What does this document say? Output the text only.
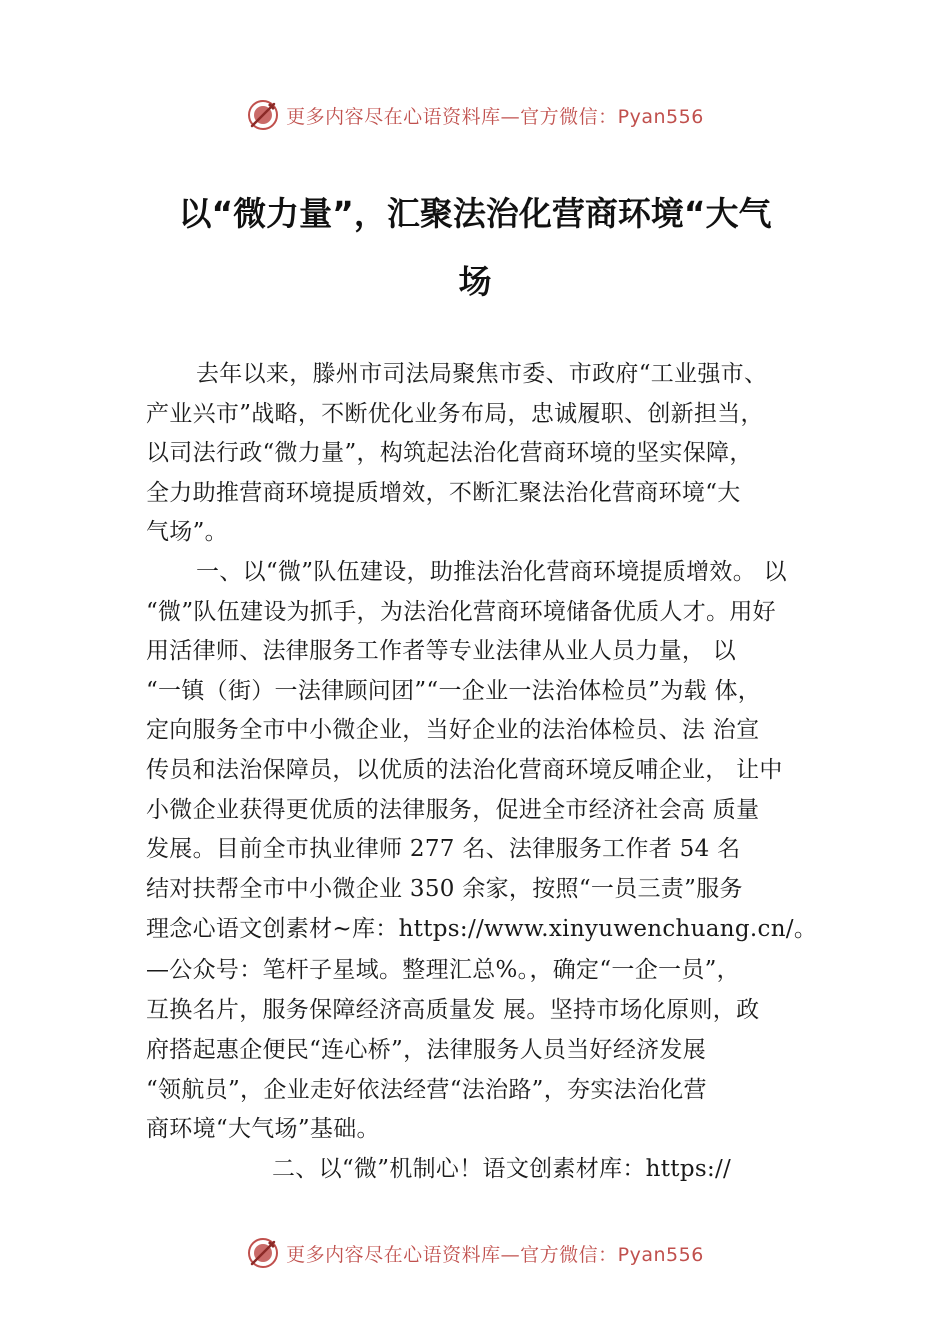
更多内容尽在心语资料库—官方微信：Pyan556
以“微力量”，汇聚法治化营商环境“大气
场
去年以来，滕州市司法局聚焦市委、市政府“工业强市、
产业兴市”战略，不断优化业务布局，忠诚履职、创新担当，
以司法行政“微力量”，构筑起法治化营商环境的坚实保障，
全力助推营商环境提质增效，不断汇聚法治化营商环境“大
气场”。
一、以“微”队伍建设，助推法治化营商环境提质增效。 以
“微”队伍建设为抓手，为法治化营商环境储备优质人才。用好
用活律师、法律服务工作者等专业法律从业人员力量， 以
“一镇（街）一法律顾问团”“一企业一法治体检员”为载 体，
定向服务全市中小微企业，当好企业的法治体检员、法 治宣
传员和法治保障员，以优质的法治化营商环境反哺企业， 让中
小微企业获得更优质的法律服务，促进全市经济社会高 质量
发展。目前全市执业律师 277 名、法律服务工作者 54 名
结对扶帮全市中小微企业 350 余家，按照“一员三责”服务
理念心语文创素材~库：https://www.xinyuwenchuang.cn/。
—公众号：笔杆子星域。整理汇总%。，确定“一企一员”，
互换名片，服务保障经济高质量发 展。坚持市场化原则，政
府搭起惠企便民“连心桥”，法律服务人员当好经济发展
“领航员”，企业走好依法经营“法治路”，夯实法治化营
商环境“大气场”基础。
二、以“微”机制心！语文创素材库：https://
更多内容尽在心语资料库—官方微信：Pyan556
